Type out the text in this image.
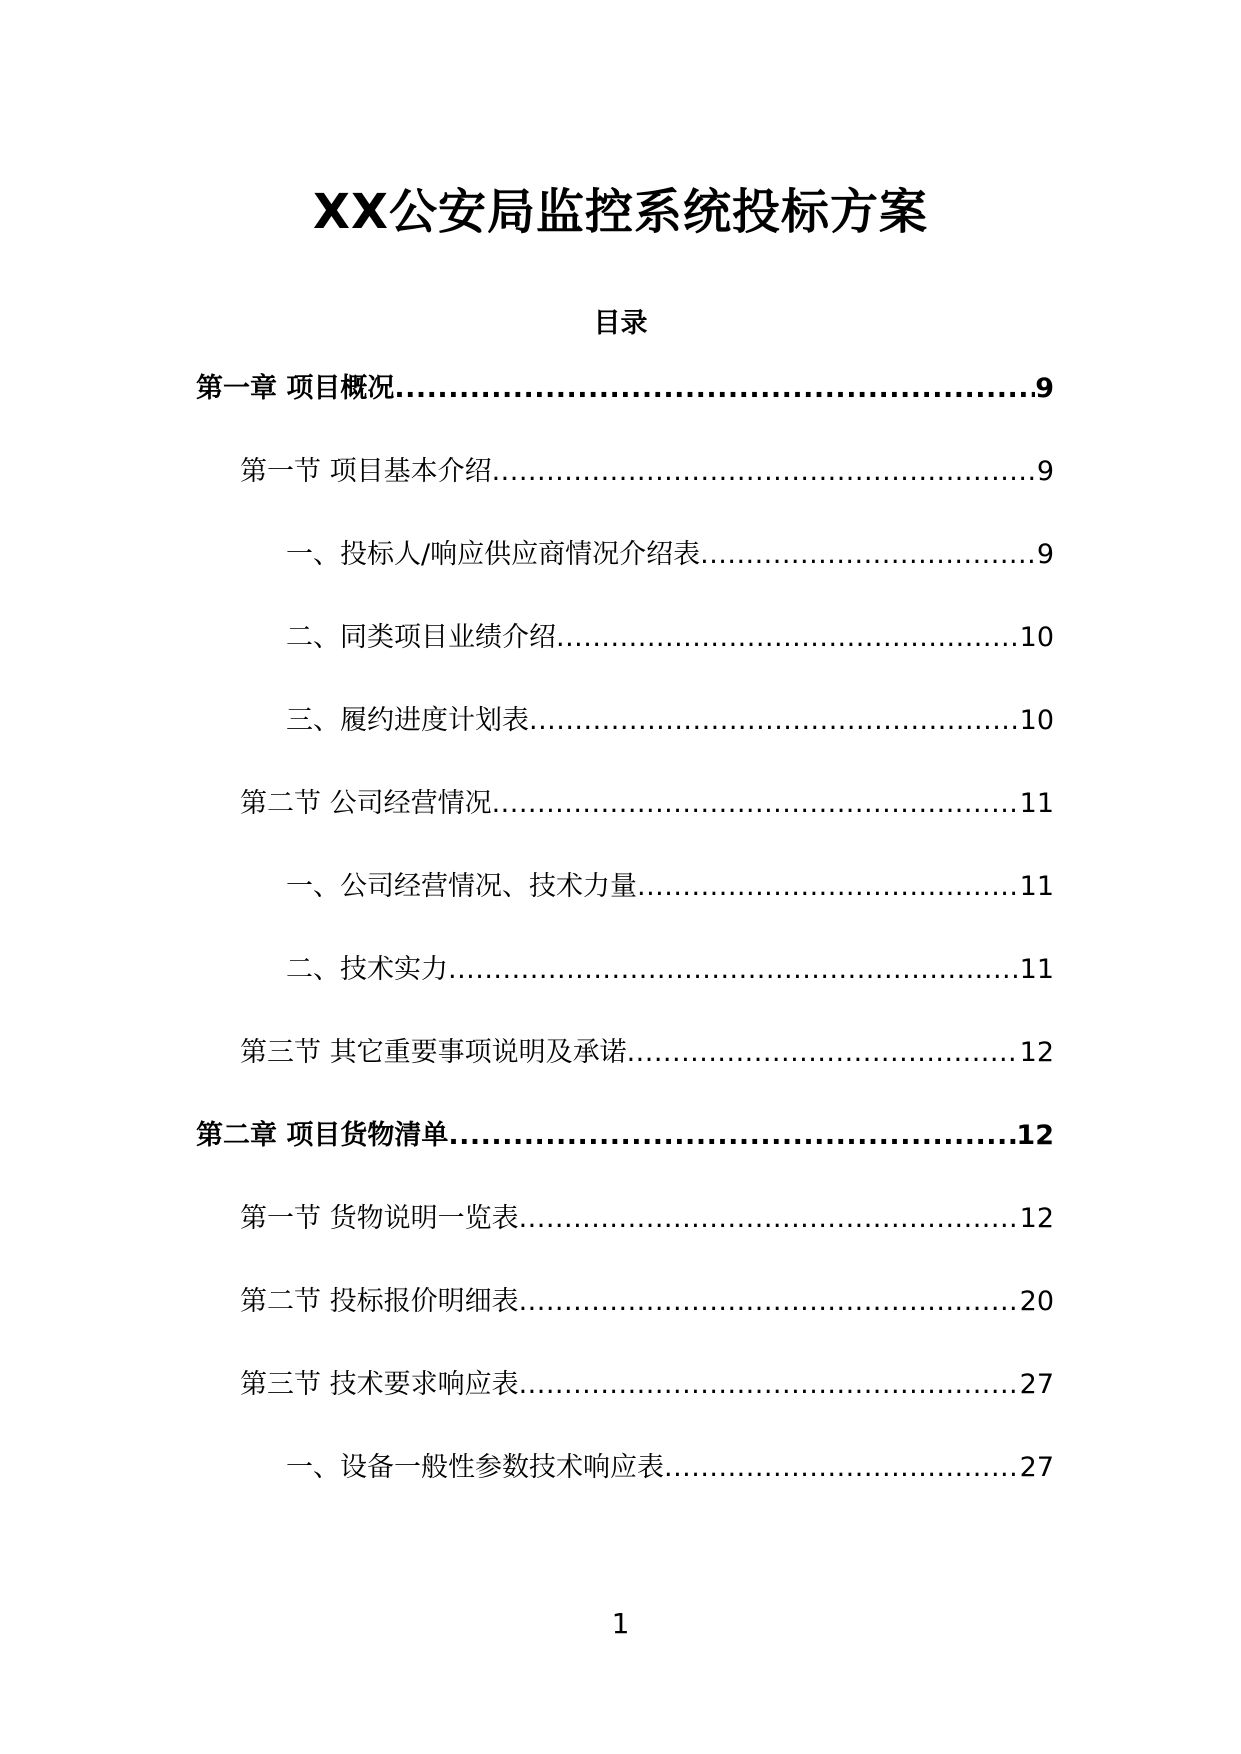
XX公安局监控系统投标方案
目录
第一章 项目概况 .....	9
第一节 项目基本介绍 .....	9
一、投标人/响应供应商情况介绍表 .....	9
二、同类项目业绩介绍 .....	10
三、履约进度计划表 .....	10
第二节 公司经营情况 .....	11
一、公司经营情况、技术力量 .....	11
二、技术实力 .....	11
第三节 其它重要事项说明及承诺 .....	12
第二章 项目货物清单 .....	12
第一节 货物说明一览表 .....	12
第二节 投标报价明细表 .....	20
第三节 技术要求响应表 .....	27
一、设备一般性参数技术响应表 .....	27
1
